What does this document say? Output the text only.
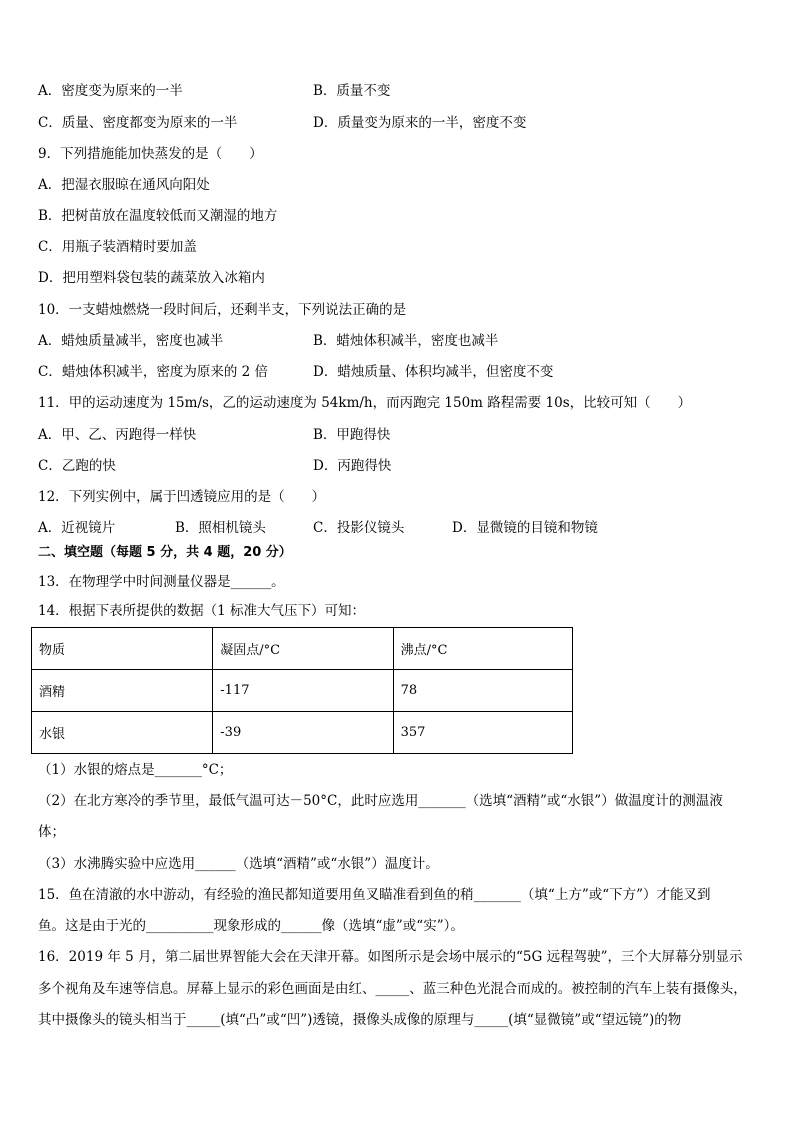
A．密度变为原来的一半	B．质量不变
C．质量、密度都变为原来的一半	D．质量变为原来的一半，密度不变
9．下列措施能加快蒸发的是（　　）
A．把湿衣服晾在通风向阳处
B．把树苗放在温度较低而又潮湿的地方
C．用瓶子装酒精时要加盖
D．把用塑料袋包装的蔬菜放入冰箱内
10．一支蜡烛燃烧一段时间后，还剩半支，下列说法正确的是
A．蜡烛质量减半，密度也减半	B．蜡烛体积减半，密度也减半
C．蜡烛体积减半，密度为原来的 2 倍	D．蜡烛质量、体积均减半，但密度不变
11．甲的运动速度为 15m/s，乙的运动速度为 54km/h，而丙跑完 150m 路程需要 10s，比较可知（　　）
A．甲、乙、丙跑得一样快	B．甲跑得快
C．乙跑的快	D．丙跑得快
12．下列实例中，属于凹透镜应用的是（　　）
A．近视镜片	B．照相机镜头	C．投影仪镜头	D．显微镜的目镜和物镜
二、填空题（每题 5 分，共 4 题，20 分）
13．在物理学中时间测量仪器是______。
14．根据下表所提供的数据（1 标准大气压下）可知：
物质	凝固点/°C	沸点/°C
酒精	-117	78
水银	-39	357
（1）水银的熔点是_______°C；
（2）在北方寒冷的季节里，最低气温可达－50°C，此时应选用_______（选填“酒精”或“水银”）做温度计的测温液
体；
（3）水沸腾实验中应选用______（选填“酒精”或“水银”）温度计。
15．鱼在清澈的水中游动，有经验的渔民都知道要用鱼叉瞄准看到鱼的稍_______（填“上方”或“下方”）才能叉到
鱼。这是由于光的__________现象形成的______像（选填“虚”或“实”）。
16．2019 年 5 月，第二届世界智能大会在天津开幕。如图所示是会场中展示的“5G 远程驾驶”，三个大屏幕分别显示
多个视角及车速等信息。屏幕上显示的彩色画面是由红、_____、蓝三种色光混合而成的。被控制的汽车上装有摄像头，
其中摄像头的镜头相当于_____(填“凸”或“凹”)透镜，摄像头成像的原理与_____(填“显微镜”或“望远镜”)的物
